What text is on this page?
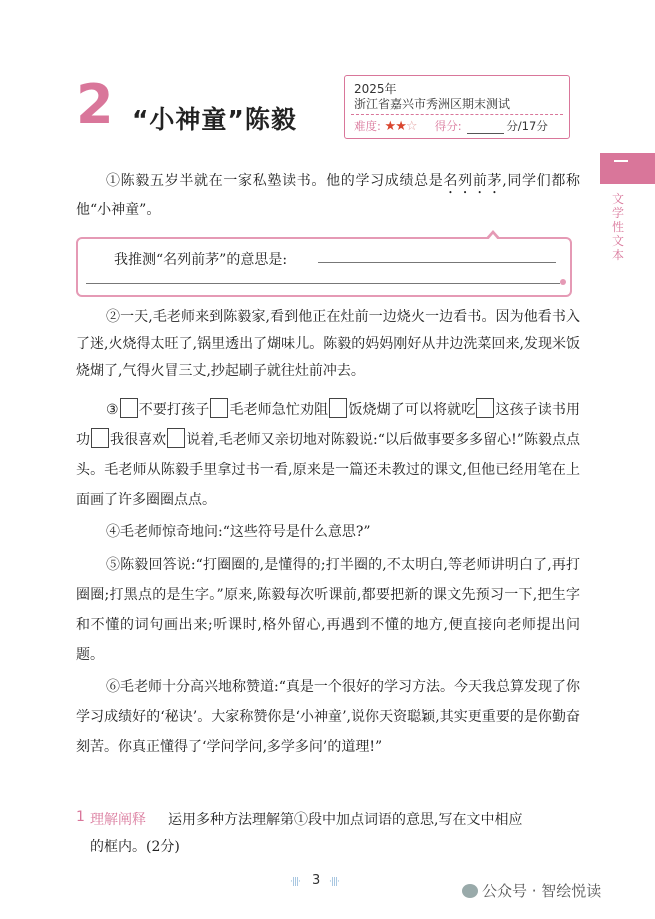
2 “小神童”陈毅
2025年
浙江省嘉兴市秀洲区期末测试
难度: ★★☆ 得分:	分/17分
文学性文本
①陈毅五岁半就在一家私塾读书。他的学习成绩总是名列前茅,同学们都称他“小神童”。
我推测“名列前茅”的意思是:
②一天,毛老师来到陈毅家,看到他正在灶前一边烧火一边看书。因为他看书入了迷,火烧得太旺了,锅里透出了煳味儿。陈毅的妈妈刚好从井边洗菜回来,发现米饭烧煳了,气得火冒三丈,抄起刷子就往灶前冲去。
③ 不要打孩子 毛老师急忙劝阻 饭烧煳了可以将就吃 这孩子读书用功 我很喜欢 说着,毛老师又亲切地对陈毅说:“以后做事要多多留心!”陈毅点点头。毛老师从陈毅手里拿过书一看,原来是一篇还未教过的课文,但他已经用笔在上面画了许多圈圈点点。
④毛老师惊奇地问:“这些符号是什么意思?”
⑤陈毅回答说:“打圈圈的,是懂得的;打半圈的,不太明白,等老师讲明白了,再打圈圈;打黑点的是生字。”原来,陈毅每次听课前,都要把新的课文先预习一下,把生字和不懂的词句画出来;听课时,格外留心,再遇到不懂的地方,便直接向老师提出问题。
⑥毛老师十分高兴地称赞道:“真是一个很好的学习方法。今天我总算发现了你学习成绩好的‘秘诀’。大家称赞你是‘小神童’,说你天资聪颖,其实更重要的是你勤奋刻苦。你真正懂得了‘学问学问,多学多问’的道理!”
1 理解阐释 运用多种方法理解第①段中加点词语的意思,写在文中相应
的框内。(2分)
·|||· 3 ·|||·	公众号 · 智绘悦读
